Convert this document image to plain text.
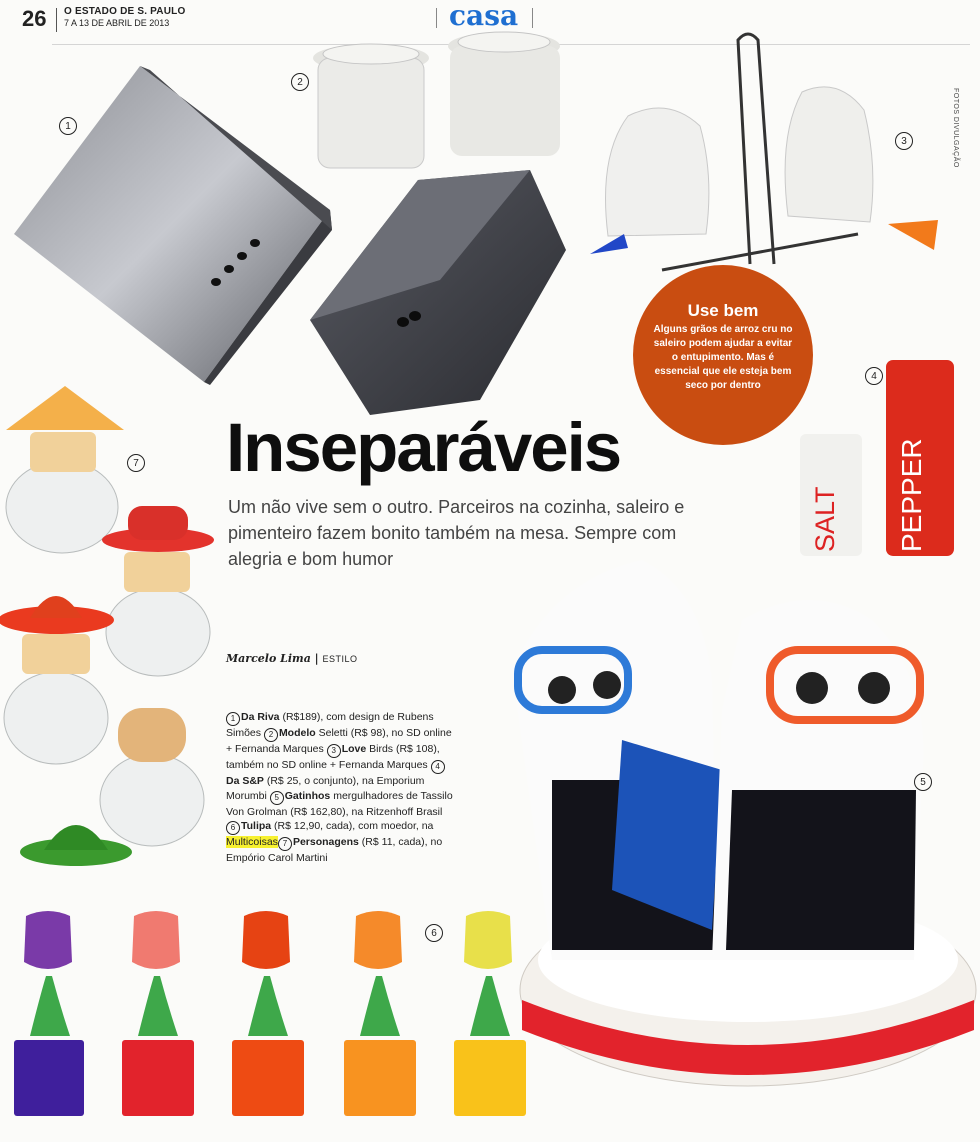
26 O ESTADO DE S. PAULO
7 A 13 DE ABRIL DE 2013	casa
FOTOS DIVULGAÇÃO
SALT PEPPER
Use bem
Alguns grãos de arroz cru no saleiro podem ajudar a evitar o entupimento. Mas é essencial que ele esteja bem seco por dentro
1
2
3
4
5
6
7 Inseparáveis
Um não vive sem o outro. Parceiros na cozinha, saleiro e pimenteiro fazem bonito também na mesa. Sempre com alegria e bom humor
Marcelo Lima | ESTILO
1 Da Riva (R$189), com design de Rubens Simões 2 Modelo Seletti (R$ 98), no SD online + Fernanda Marques 3 Love Birds (R$ 108), também no SD online + Fernanda Marques 4Da S&P (R$ 25, o conjunto), na Emporium Morumbi 5 Gatinhos mergulhadores de Tassilo Von Grolman (R$ 162,80), na Ritzenhoff Brasil 6 Tulipa (R$ 12,90, cada), com moedor, na Multicoisas 7 Personagens (R$ 11, cada), no Empório Carol Martini
